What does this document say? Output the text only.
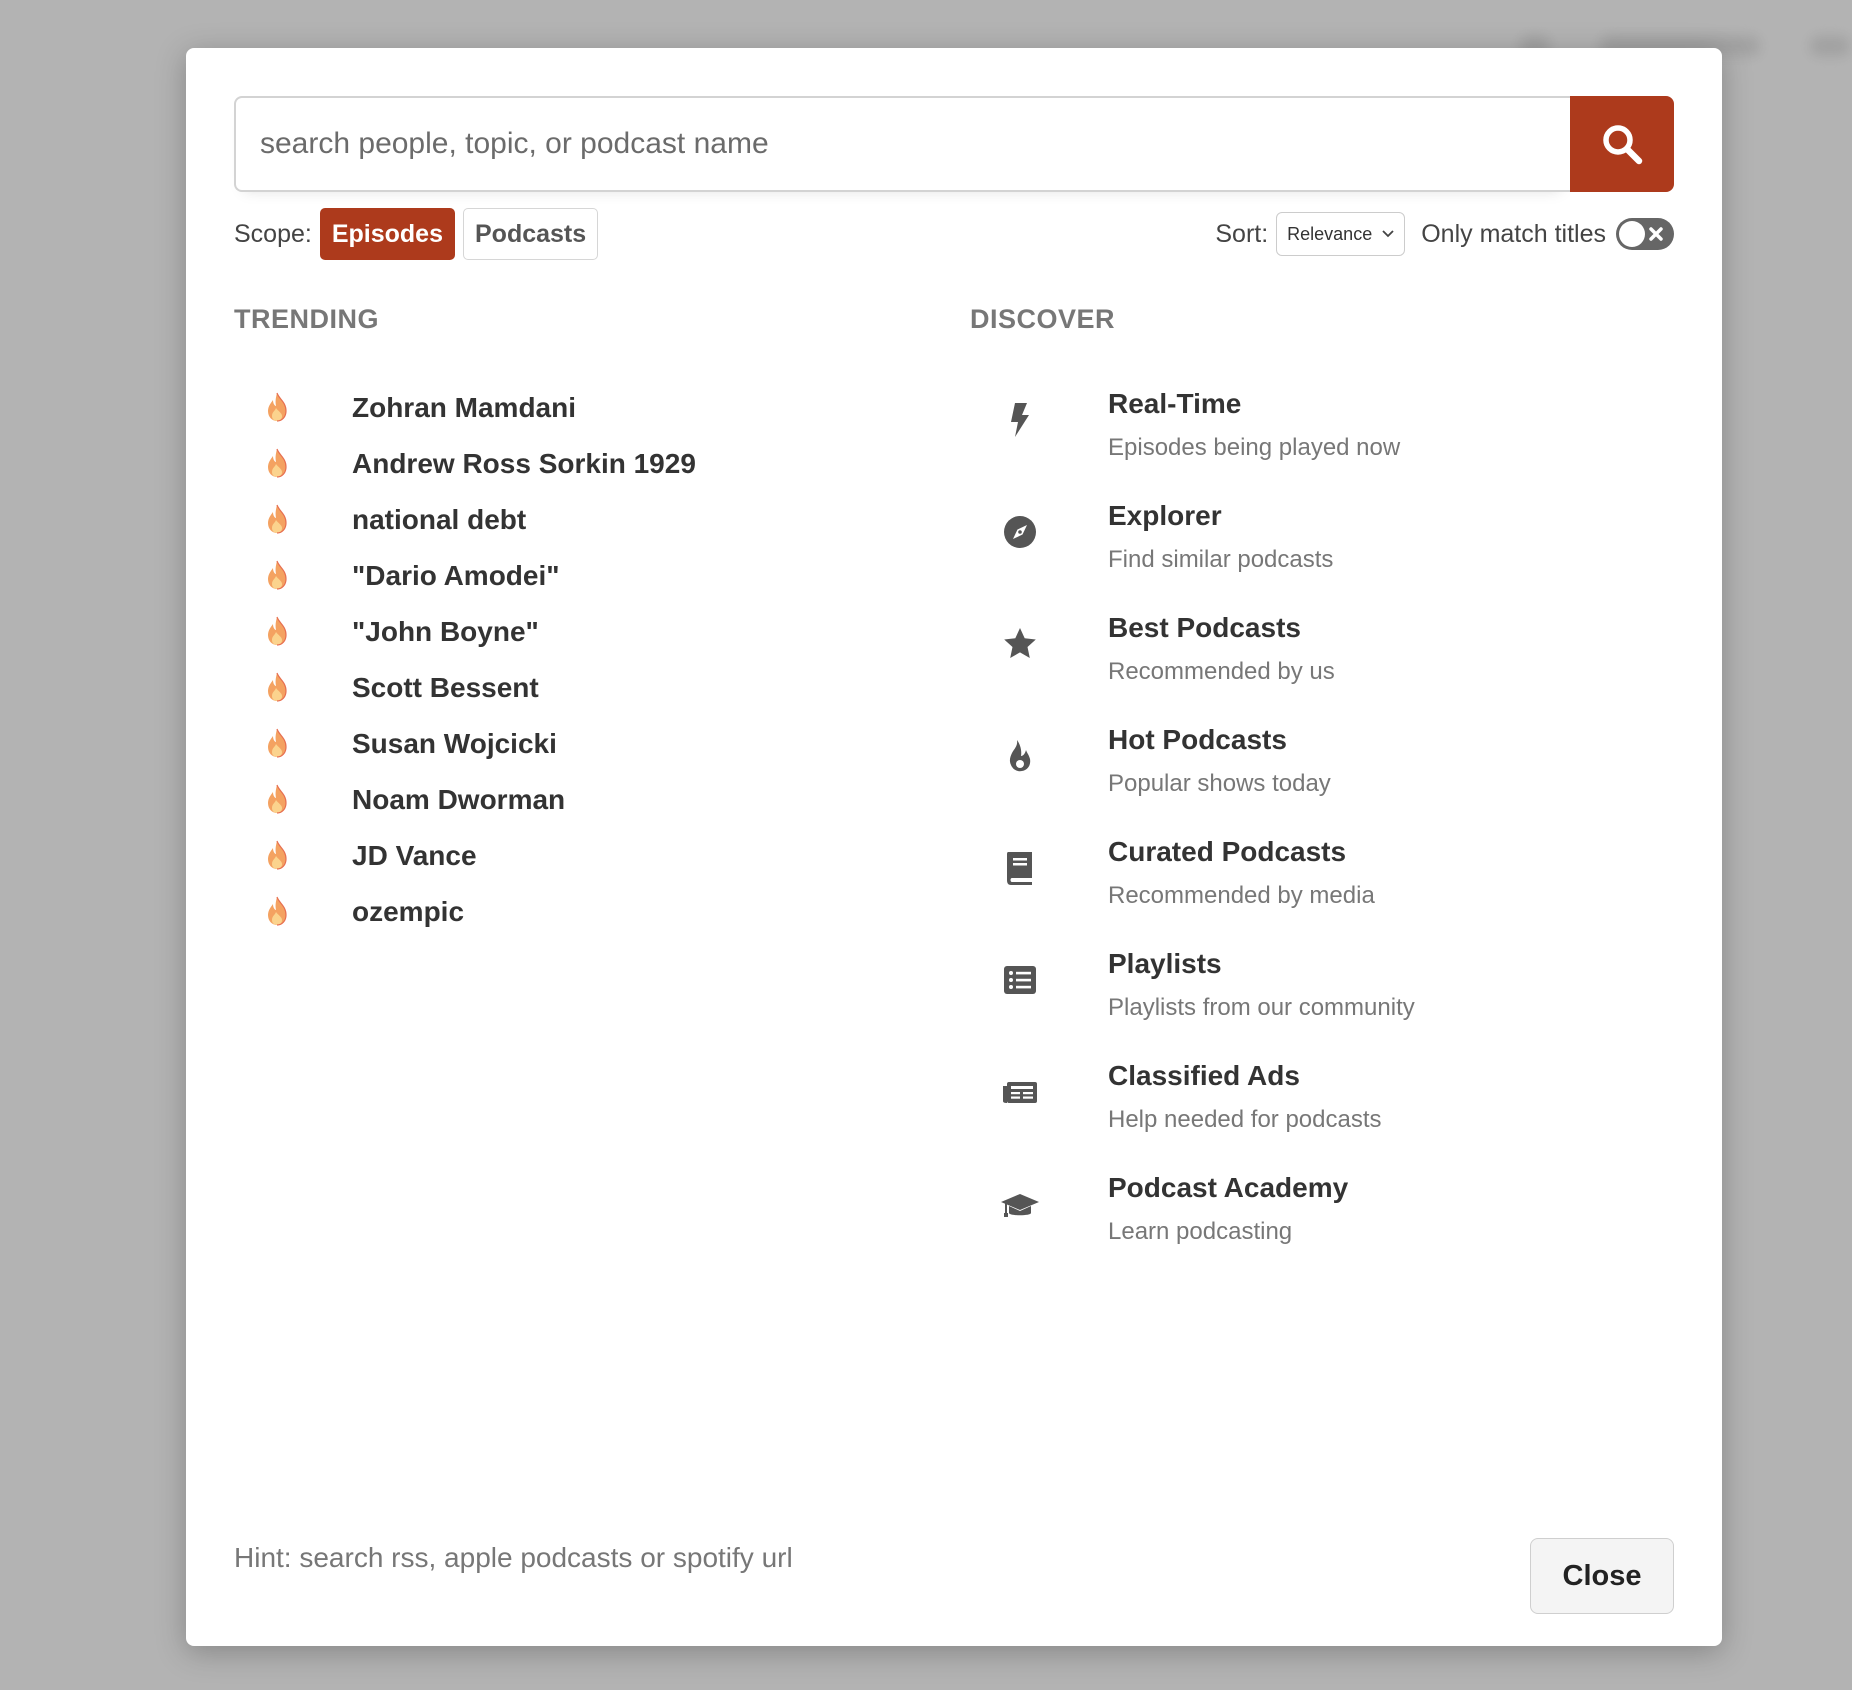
search people, topic, or podcast name
Scope: Episodes	Podcasts	Sort: Relevance Only match titles
TRENDING	DISCOVER
Zohran Mamdani
Andrew Ross Sorkin 1929
national debt
"Dario Amodei"
"John Boyne"
Scott Bessent
Susan Wojcicki
Noam Dworman
JD Vance
ozempic
Real-Time
Episodes being played now
Explorer
Find similar podcasts
Best Podcasts
Recommended by us
Hot Podcasts
Popular shows today
Curated Podcasts
Recommended by media
Playlists
Playlists from our community
Classified Ads
Help needed for podcasts
Podcast Academy
Learn podcasting
Hint: search rss, apple podcasts or spotify url
Close
